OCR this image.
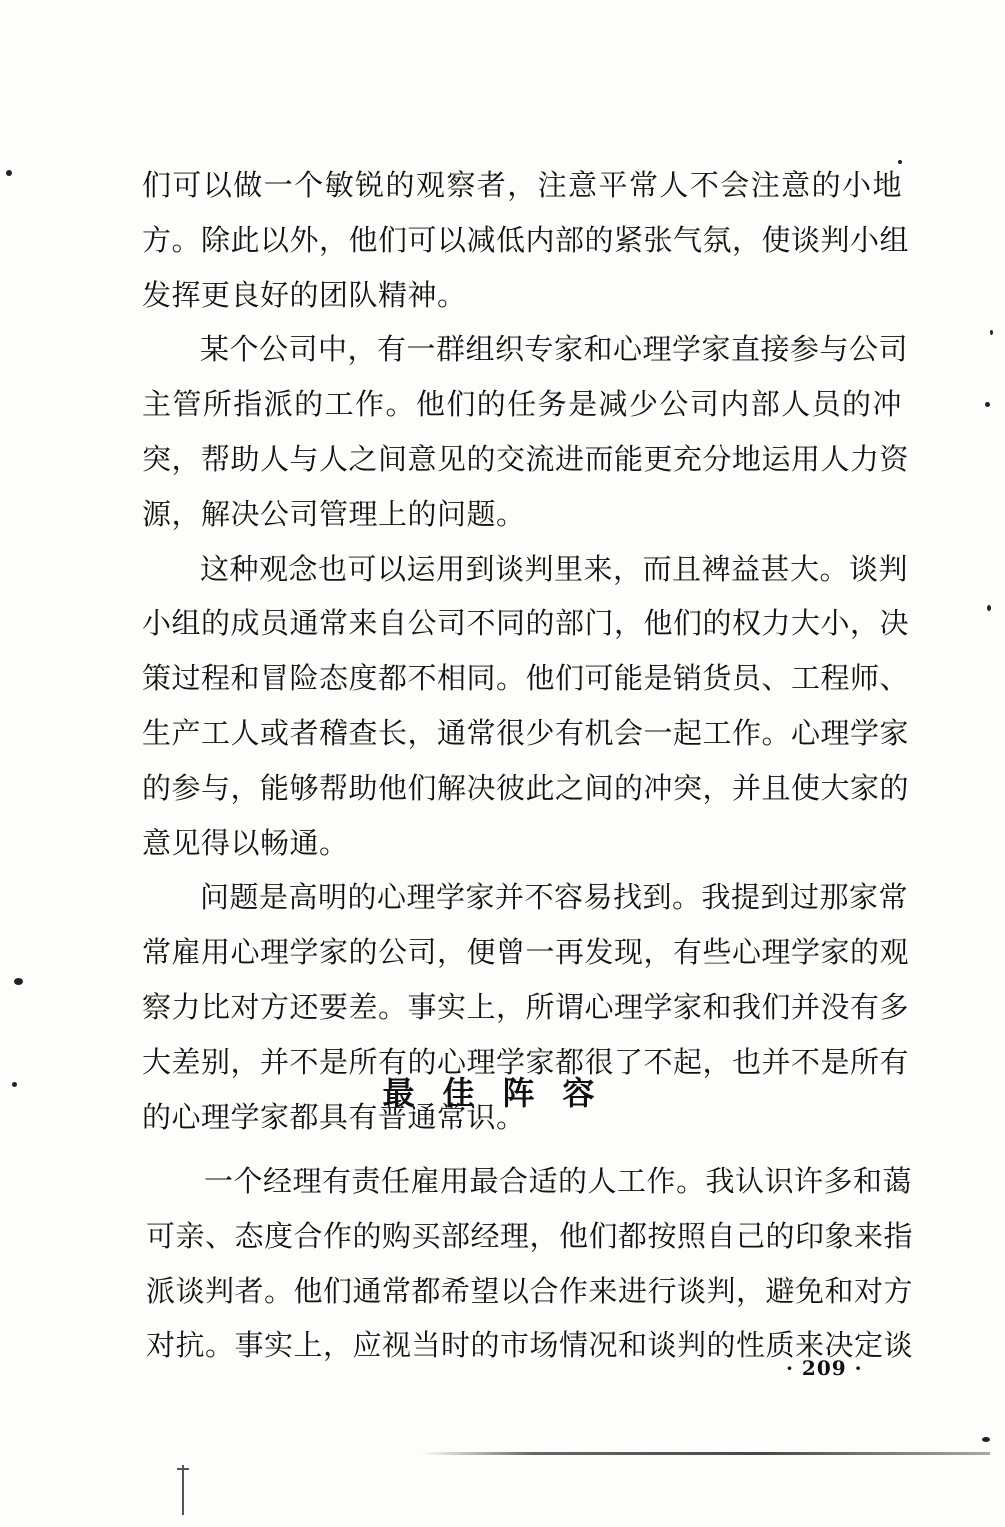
们可以做一个敏锐的观察者，注意平常人不会注意的小地
方。除此以外，他们可以减低内部的紧张气氛，使谈判小组
发挥更良好的团队精神。
某个公司中，有一群组织专家和心理学家直接参与公司
主管所指派的工作。他们的任务是减少公司内部人员的冲
突，帮助人与人之间意见的交流进而能更充分地运用人力资
源，解决公司管理上的问题。
这种观念也可以运用到谈判里来，而且裨益甚大。谈判
小组的成员通常来自公司不同的部门，他们的权力大小，决
策过程和冒险态度都不相同。他们可能是销货员、工程师、
生产工人或者稽查长，通常很少有机会一起工作。心理学家
的参与，能够帮助他们解决彼此之间的冲突，并且使大家的
意见得以畅通。
问题是高明的心理学家并不容易找到。我提到过那家常
常雇用心理学家的公司，便曾一再发现，有些心理学家的观
察力比对方还要差。事实上，所谓心理学家和我们并没有多
大差别，并不是所有的心理学家都很了不起，也并不是所有
的心理学家都具有普通常识。
最佳阵容
一个经理有责任雇用最合适的人工作。我认识许多和蔼
可亲、态度合作的购买部经理，他们都按照自己的印象来指
派谈判者。他们通常都希望以合作来进行谈判，避免和对方
对抗。事实上，应视当时的市场情况和谈判的性质来决定谈
· 209 ·
